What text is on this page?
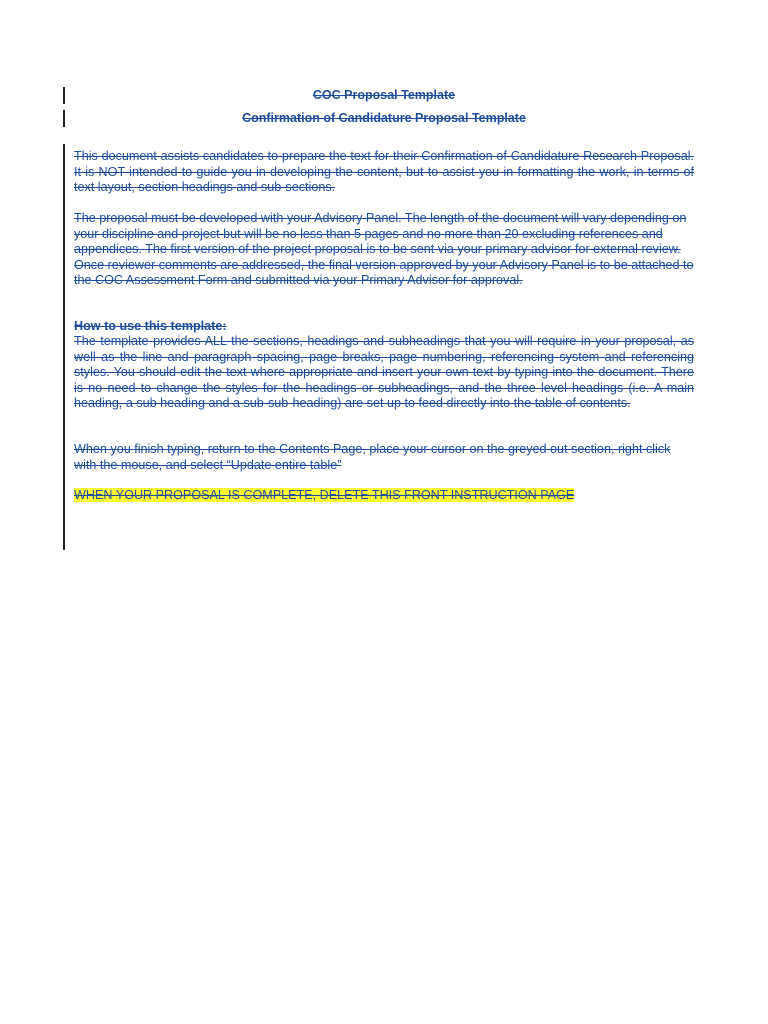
COC Proposal Template

Confirmation of Candidature Proposal Template

This document assists candidates to prepare the text for their Confirmation of Candidature Research Proposal. It is NOT intended to guide you in developing the content, but to assist you in formatting the work, in terms of text layout, section headings and sub-sections.

The proposal must be developed with your Advisory Panel. The length of the document will vary depending on your discipline and project but will be no less than 5 pages and no more than 20 excluding references and appendices. The first version of the project proposal is to be sent via your primary advisor for external review. Once reviewer comments are addressed, the final version approved by your Advisory Panel is to be attached to the COC Assessment Form and submitted via your Primary Advisor for approval.

How to use this template:

The template provides ALL the sections, headings and subheadings that you will require in your proposal, as well as the line and paragraph spacing, page breaks, page numbering, referencing system and referencing styles. You should edit the text where appropriate and insert your own text by typing into the document. There is no need to change the styles for the headings or subheadings, and the three level headings (i.e. A main heading, a sub heading and a sub-sub-heading) are set up to feed directly into the table of contents.

When you finish typing, return to the Contents Page, place your cursor on the greyed out section, right click with the mouse, and select “Update entire table”

WHEN YOUR PROPOSAL IS COMPLETE, DELETE THIS FRONT INSTRUCTION PAGE
